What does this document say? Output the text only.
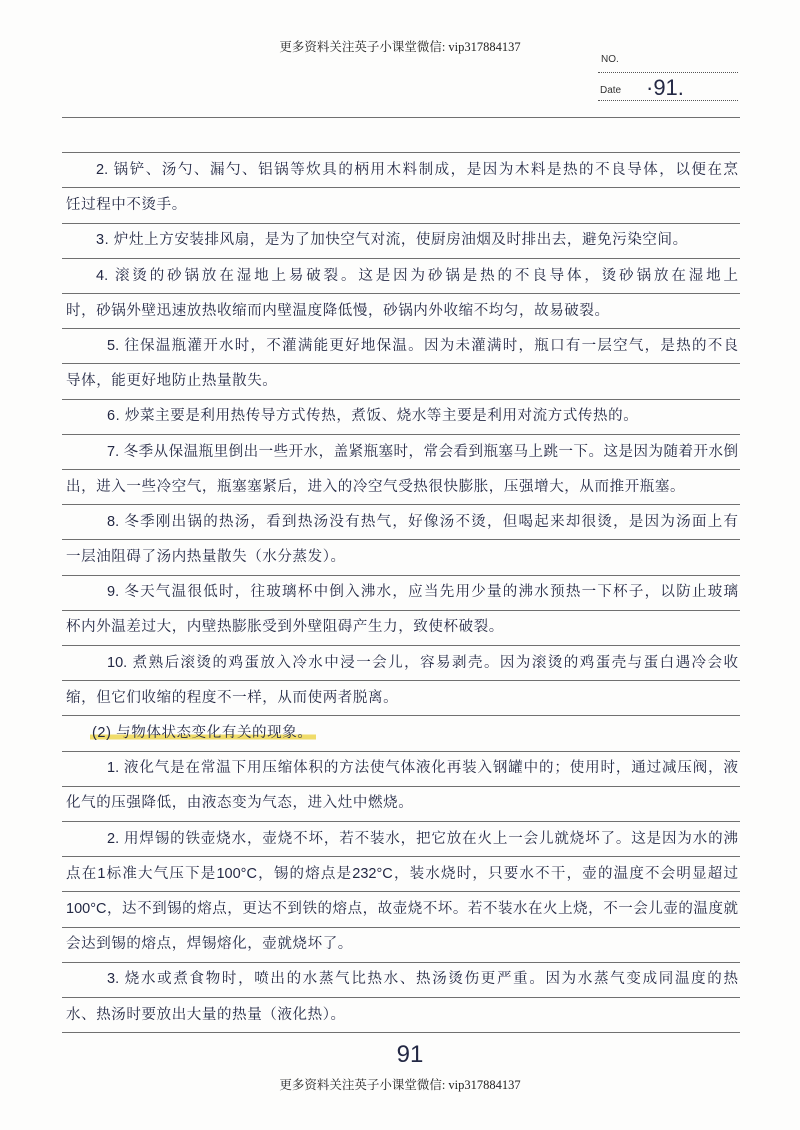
更多资料关注英子小课堂微信: vip317884137
NO.
Date ·91.
2. 锅铲、汤勺、漏勺、铝锅等炊具的柄用木料制成，是因为木料是热的不良导体，以便在烹
饪过程中不烫手。
3. 炉灶上方安装排风扇，是为了加快空气对流，使厨房油烟及时排出去，避免污染空间。
4. 滚烫的砂锅放在湿地上易破裂。这是因为砂锅是热的不良导体，烫砂锅放在湿地上
时，砂锅外壁迅速放热收缩而内壁温度降低慢，砂锅内外收缩不均匀，故易破裂。
5. 往保温瓶灌开水时，不灌满能更好地保温。因为未灌满时，瓶口有一层空气，是热的不良
导体，能更好地防止热量散失。
6. 炒菜主要是利用热传导方式传热，煮饭、烧水等主要是利用对流方式传热的。
7. 冬季从保温瓶里倒出一些开水，盖紧瓶塞时，常会看到瓶塞马上跳一下。这是因为随着开水倒
出，进入一些冷空气，瓶塞塞紧后，进入的冷空气受热很快膨胀，压强增大，从而推开瓶塞。
8. 冬季刚出锅的热汤，看到热汤没有热气，好像汤不烫，但喝起来却很烫，是因为汤面上有
一层油阻碍了汤内热量散失（水分蒸发）。
9. 冬天气温很低时，往玻璃杯中倒入沸水，应当先用少量的沸水预热一下杯子，以防止玻璃
杯内外温差过大，内壁热膨胀受到外壁阻碍产生力，致使杯破裂。
10. 煮熟后滚烫的鸡蛋放入冷水中浸一会儿，容易剥壳。因为滚烫的鸡蛋壳与蛋白遇冷会收
缩，但它们收缩的程度不一样，从而使两者脱离。
(2) 与物体状态变化有关的现象。
1. 液化气是在常温下用压缩体积的方法使气体液化再装入钢罐中的；使用时，通过减压阀，液
化气的压强降低，由液态变为气态，进入灶中燃烧。
2. 用焊锡的铁壶烧水，壶烧不坏，若不装水，把它放在火上一会儿就烧坏了。这是因为水的沸
点在1标准大气压下是100°C，锡的熔点是232°C，装水烧时，只要水不干，壶的温度不会明显超过
100°C，达不到锡的熔点，更达不到铁的熔点，故壶烧不坏。若不装水在火上烧，不一会儿壶的温度就
会达到锡的熔点，焊锡熔化，壶就烧坏了。
3. 烧水或煮食物时，喷出的水蒸气比热水、热汤烫伤更严重。因为水蒸气变成同温度的热
水、热汤时要放出大量的热量（液化热）。
91
更多资料关注英子小课堂微信: vip317884137
